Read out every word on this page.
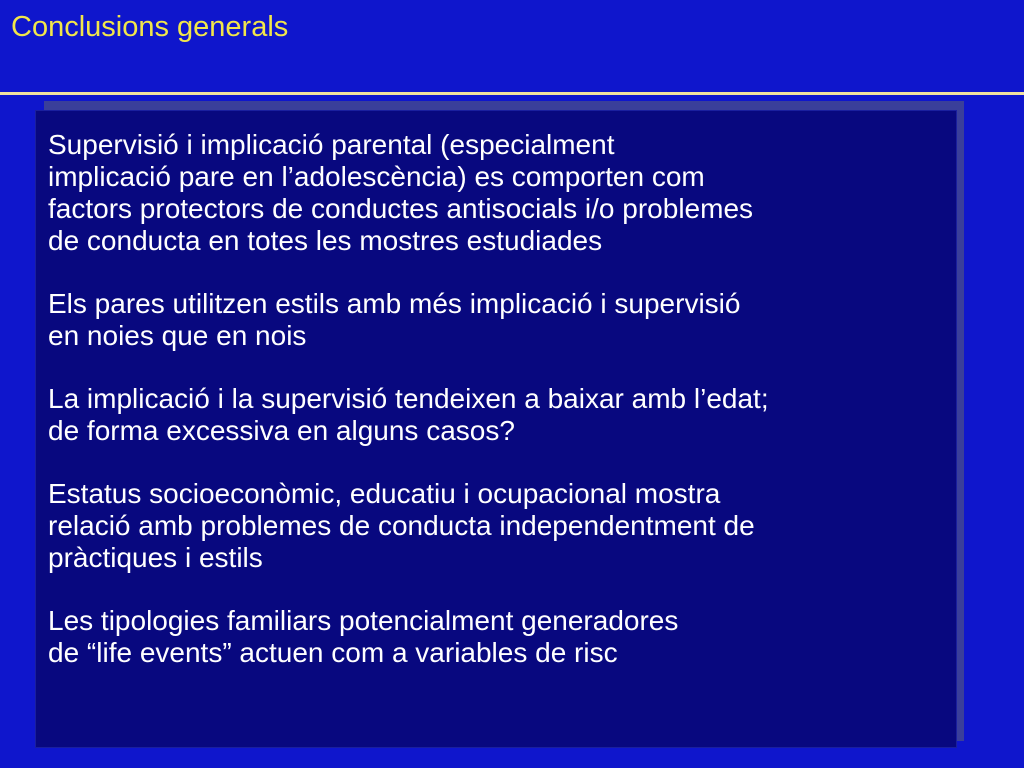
Conclusions generals

Supervisió i implicació parental (especialment
implicació pare en l’adolescència) es comporten com
factors protectors de conductes antisocials i/o problemes
de conducta en totes les mostres estudiades

Els pares utilitzen estils amb més implicació i supervisió
en noies que en nois

La implicació i la supervisió tendeixen a baixar amb l’edat;
de forma excessiva en alguns casos?

Estatus socioeconòmic, educatiu i ocupacional mostra
relació amb problemes de conducta independentment de
pràctiques i estils

Les tipologies familiars potencialment generadores
de “life events” actuen com a variables de risc
